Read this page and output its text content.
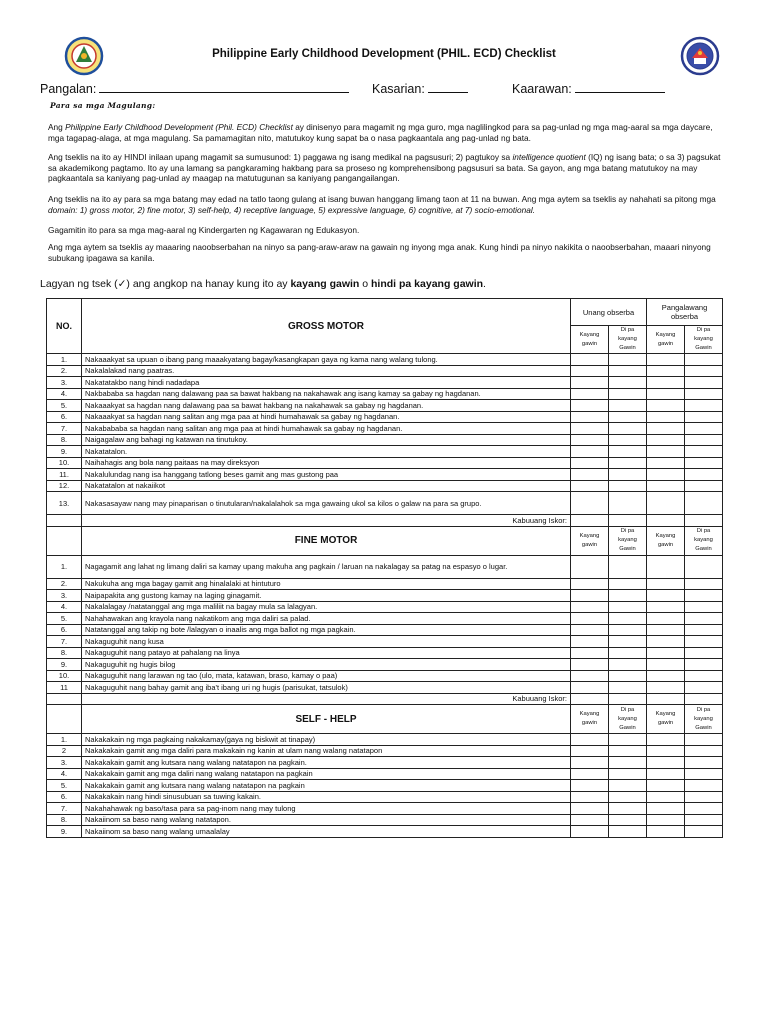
Philippine Early Childhood Development (PHIL. ECD) Checklist
Pangalan:	Kasarian:	Kaarawan:
Para sa mga Magulang:
Ang Philippine Early Childhood Development (Phil. ECD) Checklist ay dinisenyo para magamit ng mga guro, mga naglilingkod para sa pag-unlad ng mga mag-aaral sa mga daycare, mga tagapag-alaga, at mga magulang. Sa pamamagitan nito, matutukoy kung sapat ba o nasa pagkaantala ang pag-unlad ng bata.
Ang tseklis na ito ay HINDI inilaan upang magamit sa sumusunod: 1) paggawa ng isang medikal na pagsusuri; 2) pagtukoy sa intelligence quotient (IQ) ng isang bata; o sa 3) pagsukat sa akademikong pagtamo. Ito ay una lamang sa pangkaraming hakbang para sa proseso ng komprehensibong pagsusuri sa bata. Sa gayon, ang mga batang matutukoy na may pagkaantala sa kaniyang pag-unlad ay maagap na matutugunan sa kaniyang pangangailangan.
Ang tseklis na ito ay para sa mga batang may edad na tatlo taong gulang at isang buwan hanggang limang taon at 11 na buwan. Ang mga aytem sa tseklis ay nahahati sa pitong mga domain: 1) gross motor, 2) fine motor, 3) self-help, 4) receptive language, 5) expressive language, 6) cognitive, at 7) socio-emotional.
Gagamitin ito para sa mga mag-aaral ng Kindergarten ng Kagawaran ng Edukasyon.
Ang mga aytem sa tseklis ay maaaring naoobserbahan na ninyo sa pang-araw-araw na gawain ng inyong mga anak. Kung hindi pa ninyo nakikita o naoobserbahan, maaari ninyong subukang ipagawa sa kanila.
Lagyan ng tsek (✓) ang angkop na hanay kung ito ay kayang gawin o hindi pa kayang gawin.
NO.	GROSS MOTOR	Unang obserba		Pangalawang obserba	
		Kayang gawin	Di pa kayang Gawin	Kayang gawin	Di pa kayang Gawin
1.	Nakaaakyat sa upuan o ibang pang maaakyatang bagay/kasangkapan gaya ng kama nang walang tulong.				
2.	Nakalalakad nang paatras.				
3.	Nakatatakbo nang hindi nadadapa				
4.	Nakbababa sa hagdan nang dalawang paa sa bawat hakbang na nakahawak ang isang kamay sa gabay ng hagdanan.				
5.	Nakaaakyat sa hagdan nang dalawang paa sa bawat hakbang na nakahawak sa gabay ng hagdanan.				
6.	Nakaaakyat sa hagdan nang salitan ang mga paa at hindi humahawak sa gabay ng hagdanan.				
7.	Nakabababa sa hagdan nang salitan ang mga paa at hindi humahawak sa gabay ng hagdanan.				
8.	Naigagalaw ang bahagi ng katawan na tinutukoy.				
9.	Nakatatalon.				
10.	Naihahagis ang bola nang paitaas na may direksyon				
11.	Nakalulundag nang isa hanggang tatlong beses gamit ang mas gustong paa				
12.	Nakatatalon at nakaiikot				
13.	Nakasasayaw nang may pinaparisan o tinutularan/nakalalahok sa mga gawaing ukol sa kilos o galaw na para sa grupo.				
	Kabuuang Iskor:				
	FINE MOTOR	Kayang gawin	Di pa kayang Gawin	Kayang gawin	Di pa kayang Gawin
1.	Nagagamit ang lahat ng limang daliri sa kamay upang makuha ang pagkain / laruan na nakalagay sa patag na espasyo o lugar.				
2.	Nakukuha ang mga bagay gamit ang hinalalaki at hintuturo				
3.	Naipapakita ang gustong kamay na laging ginagamit.				
4.	Nakalalagay /natatanggal ang mga maliliit na bagay mula sa lalagyan.				
5.	Nahahawakan ang krayola nang nakatikom ang mga daliri sa palad.				
6.	Natatanggal ang takip ng bote /lalagyan o inaalis ang mga ballot ng mga pagkain.				
7.	Nakaguguhit nang kusa				
8.	Nakaguguhit nang patayo at pahalang na linya				
9.	Nakaguguhit ng hugis bilog				
10.	Nakaguguhit nang larawan ng tao (ulo, mata, katawan, braso, kamay o paa)				
11	Nakaguguhit nang bahay gamit ang iba't ibang uri ng hugis (parisukat, tatsulok)				
	Kabuuang Iskor:				
	SELF - HELP	Kayang gawin	Di pa kayang Gawin	Kayang gawin	Di pa kayang Gawin
1.	Nakakakain ng mga pagkaing nakakamay(gaya ng biskwit at tinapay)				
2	Nakakakain gamit ang mga daliri para makakain ng kanin at ulam nang walang natatapon				
3.	Nakakakain gamit ang kutsara nang walang natatapon na pagkain.				
4.	Nakakakain gamit ang mga daliri nang walang natatapon na pagkain				
5.	Nakakakain gamit ang kutsara nang walang natatapon na pagkain				
6.	Nakakakain nang hindi sinusubuan sa tuwing kakain.				
7.	Nakahahawak ng baso/tasa para sa pag-inom nang may tulong				
8.	Nakaiinom sa baso nang walang natatapon.				
9.	Nakaiinom sa baso nang walang umaalalay				
